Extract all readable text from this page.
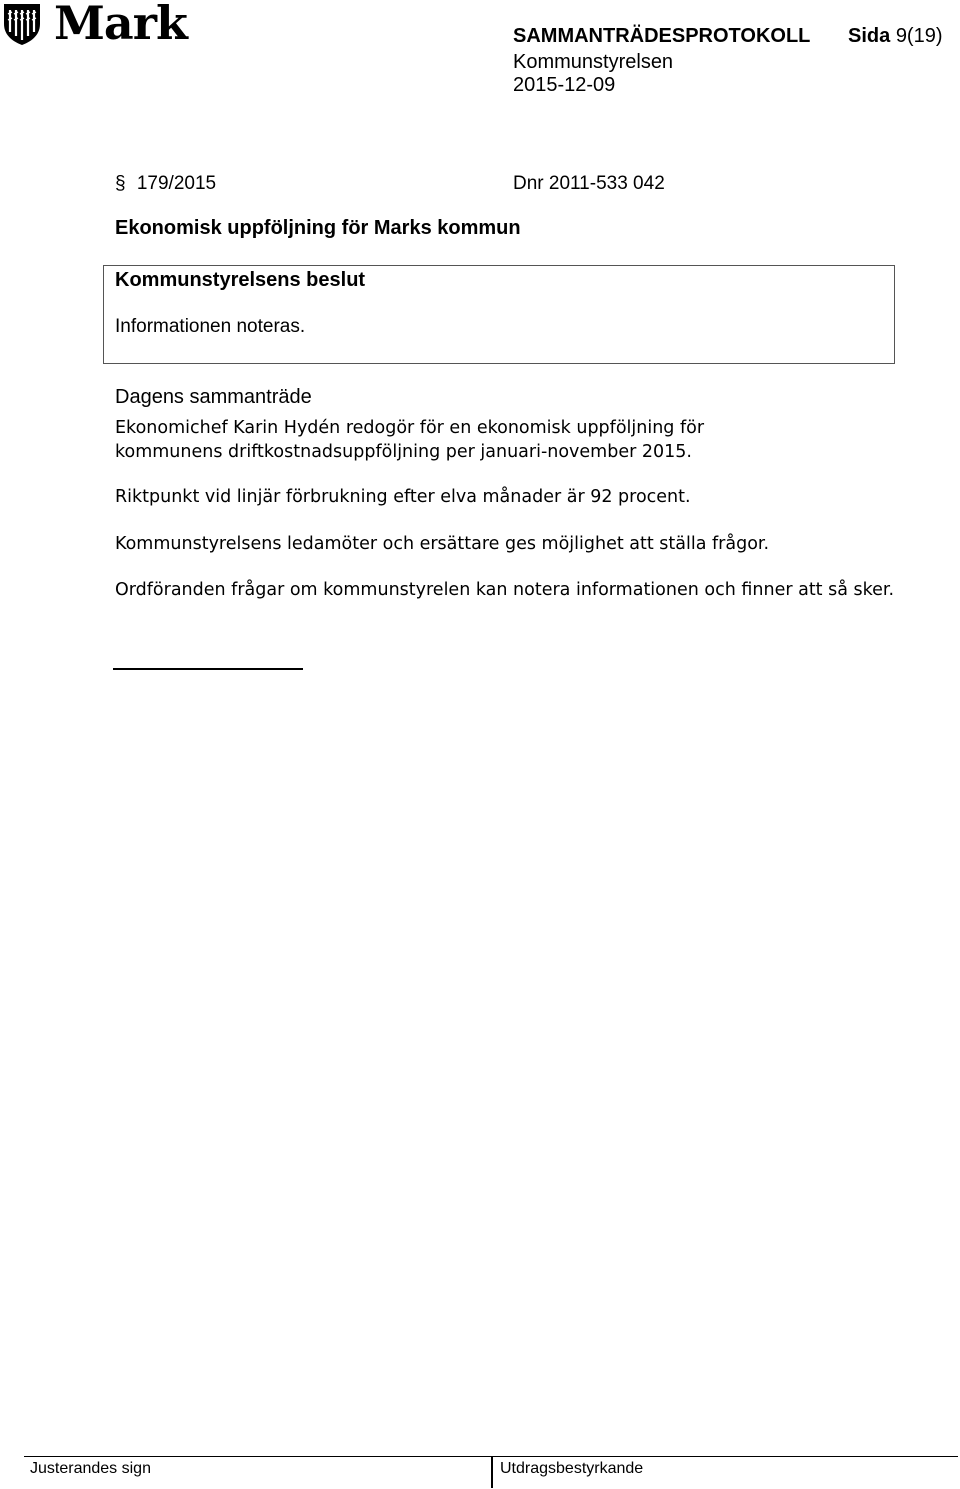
Mark	SAMMANTRÄDESPROTOKOLL Sida 9(19)
Kommunstyrelsen
2015-12-09
§ 179/2015	Dnr 2011-533 042
Ekonomisk uppföljning för Marks kommun
Kommunstyrelsens beslut
Informationen noteras.
Dagens sammanträde
Ekonomichef Karin Hydén redogör för en ekonomisk uppföljning för kommunens driftkostnadsuppföljning per januari-november 2015.
Riktpunkt vid linjär förbrukning efter elva månader är 92 procent.
Kommunstyrelsens ledamöter och ersättare ges möjlighet att ställa frågor.
Ordföranden frågar om kommunstyrelen kan notera informationen och finner att så sker.
Justerandes sign	Utdragsbestyrkande
